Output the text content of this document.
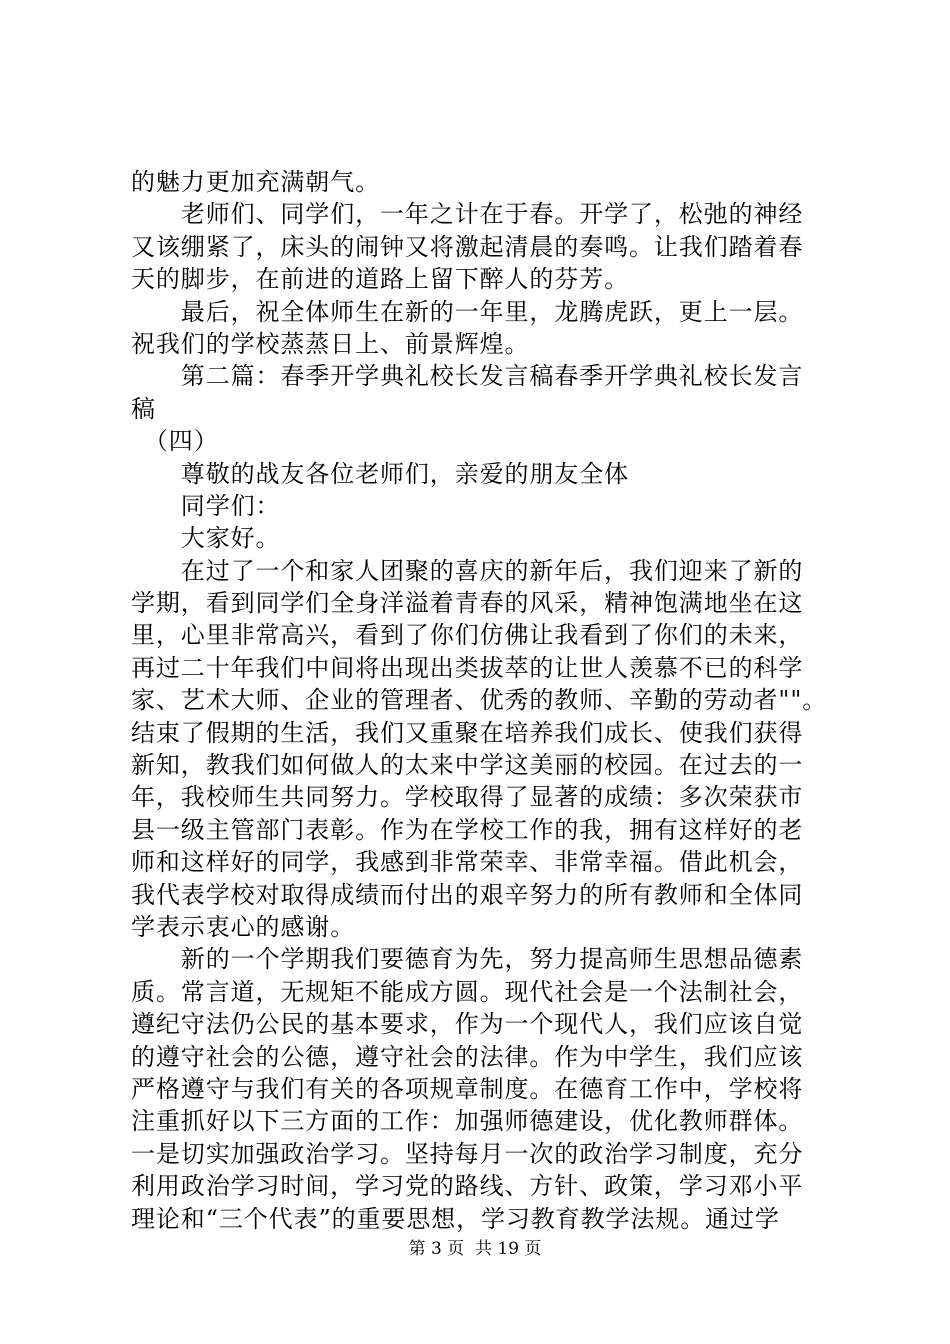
的魅力更加充满朝气。
　　老师们、同学们，一年之计在于春。开学了，松弛的神经
又该绷紧了，床头的闹钟又将激起清晨的奏鸣。让我们踏着春
天的脚步，在前进的道路上留下醉人的芬芳。
　　最后，祝全体师生在新的一年里，龙腾虎跃，更上一层。
祝我们的学校蒸蒸日上、前景辉煌。
　　第二篇：春季开学典礼校长发言稿春季开学典礼校长发言
稿
　（四）
　　尊敬的战友各位老师们，亲爱的朋友全体
　　同学们：
　　大家好。
　　在过了一个和家人团聚的喜庆的新年后，我们迎来了新的
学期，看到同学们全身洋溢着青春的风采，精神饱满地坐在这
里，心里非常高兴，看到了你们仿佛让我看到了你们的未来，
再过二十年我们中间将出现出类拔萃的让世人羡慕不已的科学
家、艺术大师、企业的管理者、优秀的教师、辛勤的劳动者""。
结束了假期的生活，我们又重聚在培养我们成长、使我们获得
新知，教我们如何做人的太来中学这美丽的校园。在过去的一
年，我校师生共同努力。学校取得了显著的成绩：多次荣获市
县一级主管部门表彰。作为在学校工作的我，拥有这样好的老
师和这样好的同学，我感到非常荣幸、非常幸福。借此机会，
我代表学校对取得成绩而付出的艰辛努力的所有教师和全体同
学表示衷心的感谢。
　　新的一个学期我们要德育为先，努力提高师生思想品德素
质。常言道，无规矩不能成方圆。现代社会是一个法制社会，
遵纪守法仍公民的基本要求，作为一个现代人，我们应该自觉
的遵守社会的公德，遵守社会的法律。作为中学生，我们应该
严格遵守与我们有关的各项规章制度。在德育工作中，学校将
注重抓好以下三方面的工作：加强师德建设，优化教师群体。
一是切实加强政治学习。坚持每月一次的政治学习制度，充分
利用政治学习时间，学习党的路线、方针、政策，学习邓小平
理论和“三个代表”的重要思想，学习教育教学法规。通过学
第 3 页  共 19 页
